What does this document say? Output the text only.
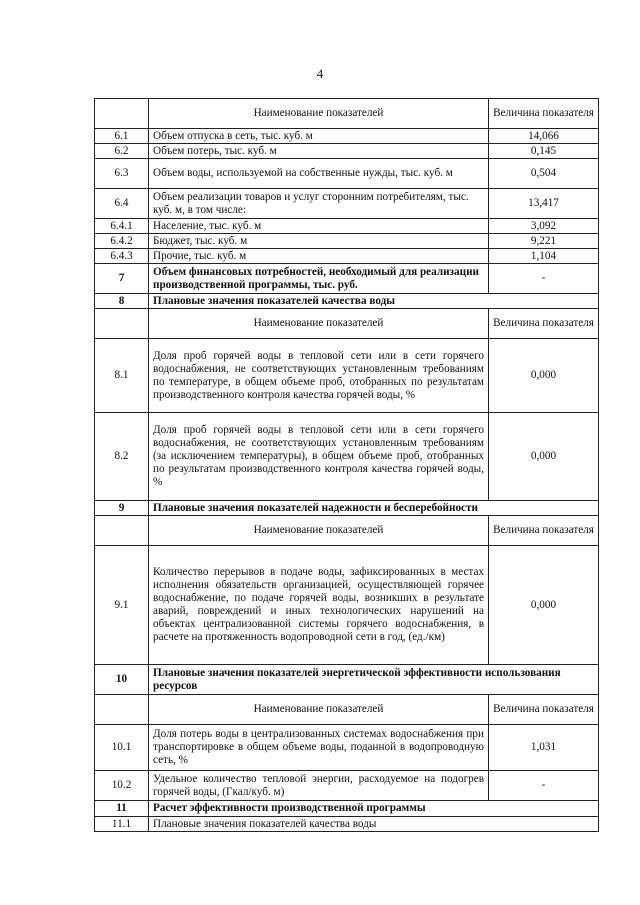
4
	Наименование показателей	Величина показателя
6.1	Объем отпуска в сеть, тыс. куб. м	14,066
6.2	Объем потерь, тыс. куб. м	0,145
6.3	Объем воды, используемой на собственные нужды, тыс. куб. м	0,504
6.4	Объем реализации товаров и услуг сторонним потребителям, тыс. куб. м, в том числе:	13,417
6.4.1	Население, тыс. куб. м	3,092
6.4.2	Бюджет, тыс. куб. м	9,221
6.4.3	Прочие, тыс. куб. м	1,104
7	Объем финансовых потребностей, необходимый для реализации производственной программы, тыс. руб.	-
8	Плановые значения показателей качества воды	
	Наименование показателей	Величина показателя
8.1	Доля проб горячей воды в тепловой сети или в сети горячего водоснабжения, не соответствующих установленным требованиям по температуре, в общем объеме проб, отобранных по результатам производственного контроля качества горячей воды, %	0,000
8.2	Доля проб горячей воды в тепловой сети или в сети горячего водоснабжения, не соответствующих установленным требованиям (за исключением температуры), в общем объеме проб, отобранных по результатам производственного контроля качества горячей воды, %	0,000
9	Плановые значения показателей надежности и бесперебойности	
	Наименование показателей	Величина показателя
9.1	Количество перерывов в подаче воды, зафиксированных в местах исполнения обязательств организацией, осуществляющей горячее водоснабжение, по подаче горячей воды, возникших в результате аварий, повреждений и иных технологических нарушений на объектах централизованной системы горячего водоснабжения, в расчете на протяженность водопроводной сети в год, (ед./км)	0,000
10	Плановые значения показателей энергетической эффективности использования ресурсов	
	Наименование показателей	Величина показателя
10.1	Доля потерь воды в централизованных системах водоснабжения при транспортировке в общем объеме воды, поданной в водопроводную сеть, %	1,031
10.2	Удельное количество тепловой энергии, расходуемое на подогрев горячей воды, (Гкал/куб. м)	-
11	Расчет эффективности производственной программы	
11.1	Плановые значения показателей качества воды	
